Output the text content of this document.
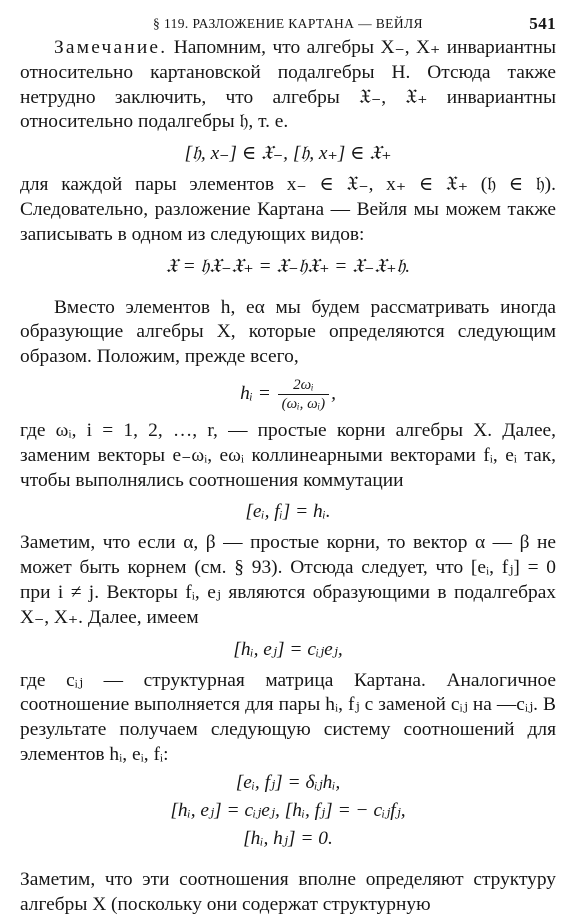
§ 119. РАЗЛОЖЕНИЕ КАРТАНА — ВЕЙЛЯ	541

Замечание. Напомним, что алгебры X₋, X₊ инвариантны относительно картановской подалгебры H. Отсюда также нетрудно заключить, что алгебры 𝔛₋, 𝔛₊ инвариантны относительно подалгебры 𝔥, т. е.

[𝔥, x₋] ∈ 𝔛₋, [𝔥, x₊] ∈ 𝔛₊

для каждой пары элементов x₋ ∈ 𝔛₋, x₊ ∈ 𝔛₊ (𝔥 ∈ 𝔥). Следовательно, разложение Картана — Вейля мы можем также записывать в одном из следующих видов:

𝔛 = 𝔥𝔛₋𝔛₊ = 𝔛₋𝔥𝔛₊ = 𝔛₋𝔛₊𝔥.

Вместо элементов h, eα мы будем рассматривать иногда образующие алгебры X, которые определяются следующим образом. Положим, прежде всего,

hᵢ = $\frac{\text{2ωᵢ}}{\text{(ωᵢ, ωᵢ)}}$ ,

где ωᵢ, i = 1, 2, …, r, — простые корни алгебры X. Далее, заменим векторы e₋ωᵢ, eωᵢ коллинеарными векторами fᵢ, eᵢ так, чтобы выполнялись соотношения коммутации

[eᵢ, fᵢ] = hᵢ.

Заметим, что если α, β — простые корни, то вектор α — β не может быть корнем (см. § 93). Отсюда следует, что [eᵢ, fⱼ] = 0 при i ≠ j. Векторы fᵢ, eⱼ являются образующими в подалгебрах X₋, X₊. Далее, имеем

[hᵢ, eⱼ] = cᵢⱼeⱼ,

где cᵢⱼ — структурная матрица Картана. Аналогичное соотношение выполняется для пары hᵢ, fⱼ с заменой cᵢⱼ на —cᵢⱼ. В результате получаем следующую систему соотношений для элементов hᵢ, eᵢ, fᵢ:

[eᵢ, fⱼ] = δᵢⱼhᵢ,
[hᵢ, eⱼ] = cᵢⱼeⱼ, [hᵢ, fⱼ] = − cᵢⱼfⱼ,
[hᵢ, hⱼ] = 0.

Заметим, что эти соотношения вполне определяют структуру алгебры X (поскольку они содержат структурную
